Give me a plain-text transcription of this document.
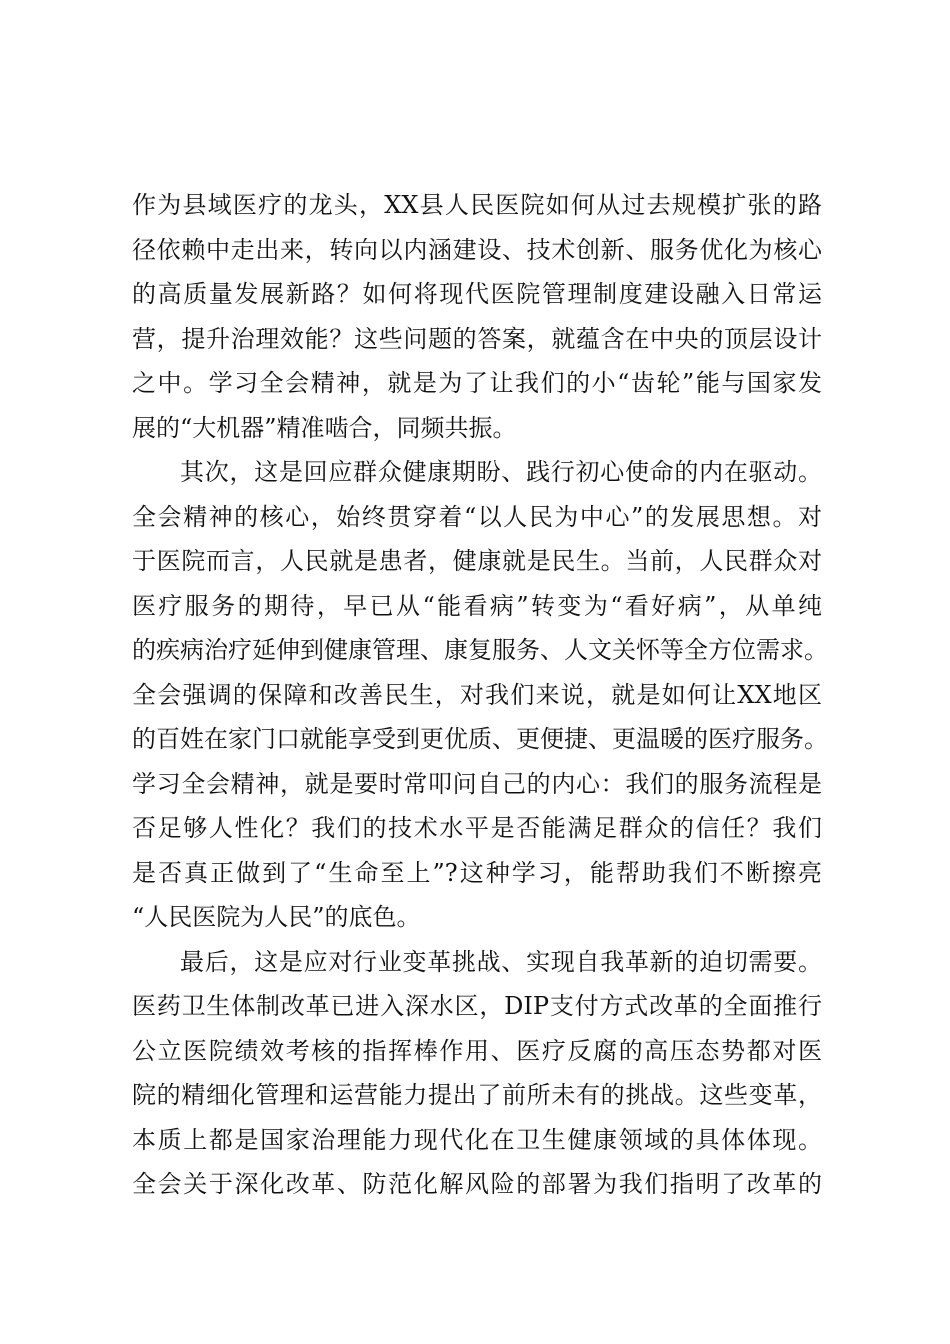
作为县域医疗的龙头，XX县人民医院如何从过去规模扩张的路
径依赖中走出来，转向以内涵建设、技术创新、服务优化为核心
的高质量发展新路？如何将现代医院管理制度建设融入日常运
营，提升治理效能？这些问题的答案，就蕴含在中央的顶层设计
之中。学习全会精神，就是为了让我们的小“齿轮”能与国家发
展的“大机器”精准啮合，同频共振。
其次，这是回应群众健康期盼、践行初心使命的内在驱动。
全会精神的核心，始终贯穿着“以人民为中心”的发展思想。对
于医院而言，人民就是患者，健康就是民生。当前，人民群众对
医疗服务的期待，早已从“能看病”转变为“看好病”，从单纯
的疾病治疗延伸到健康管理、康复服务、人文关怀等全方位需求。
全会强调的保障和改善民生，对我们来说，就是如何让XX地区
的百姓在家门口就能享受到更优质、更便捷、更温暖的医疗服务。
学习全会精神，就是要时常叩问自己的内心：我们的服务流程是
否足够人性化？我们的技术水平是否能满足群众的信任？我们
是否真正做到了“生命至上”?这种学习，能帮助我们不断擦亮
“人民医院为人民”的底色。
最后，这是应对行业变革挑战、实现自我革新的迫切需要。
医药卫生体制改革已进入深水区，DIP支付方式改革的全面推行
公立医院绩效考核的指挥棒作用、医疗反腐的高压态势都对医
院的精细化管理和运营能力提出了前所未有的挑战。这些变革，
本质上都是国家治理能力现代化在卫生健康领域的具体体现。
全会关于深化改革、防范化解风险的部署为我们指明了改革的
